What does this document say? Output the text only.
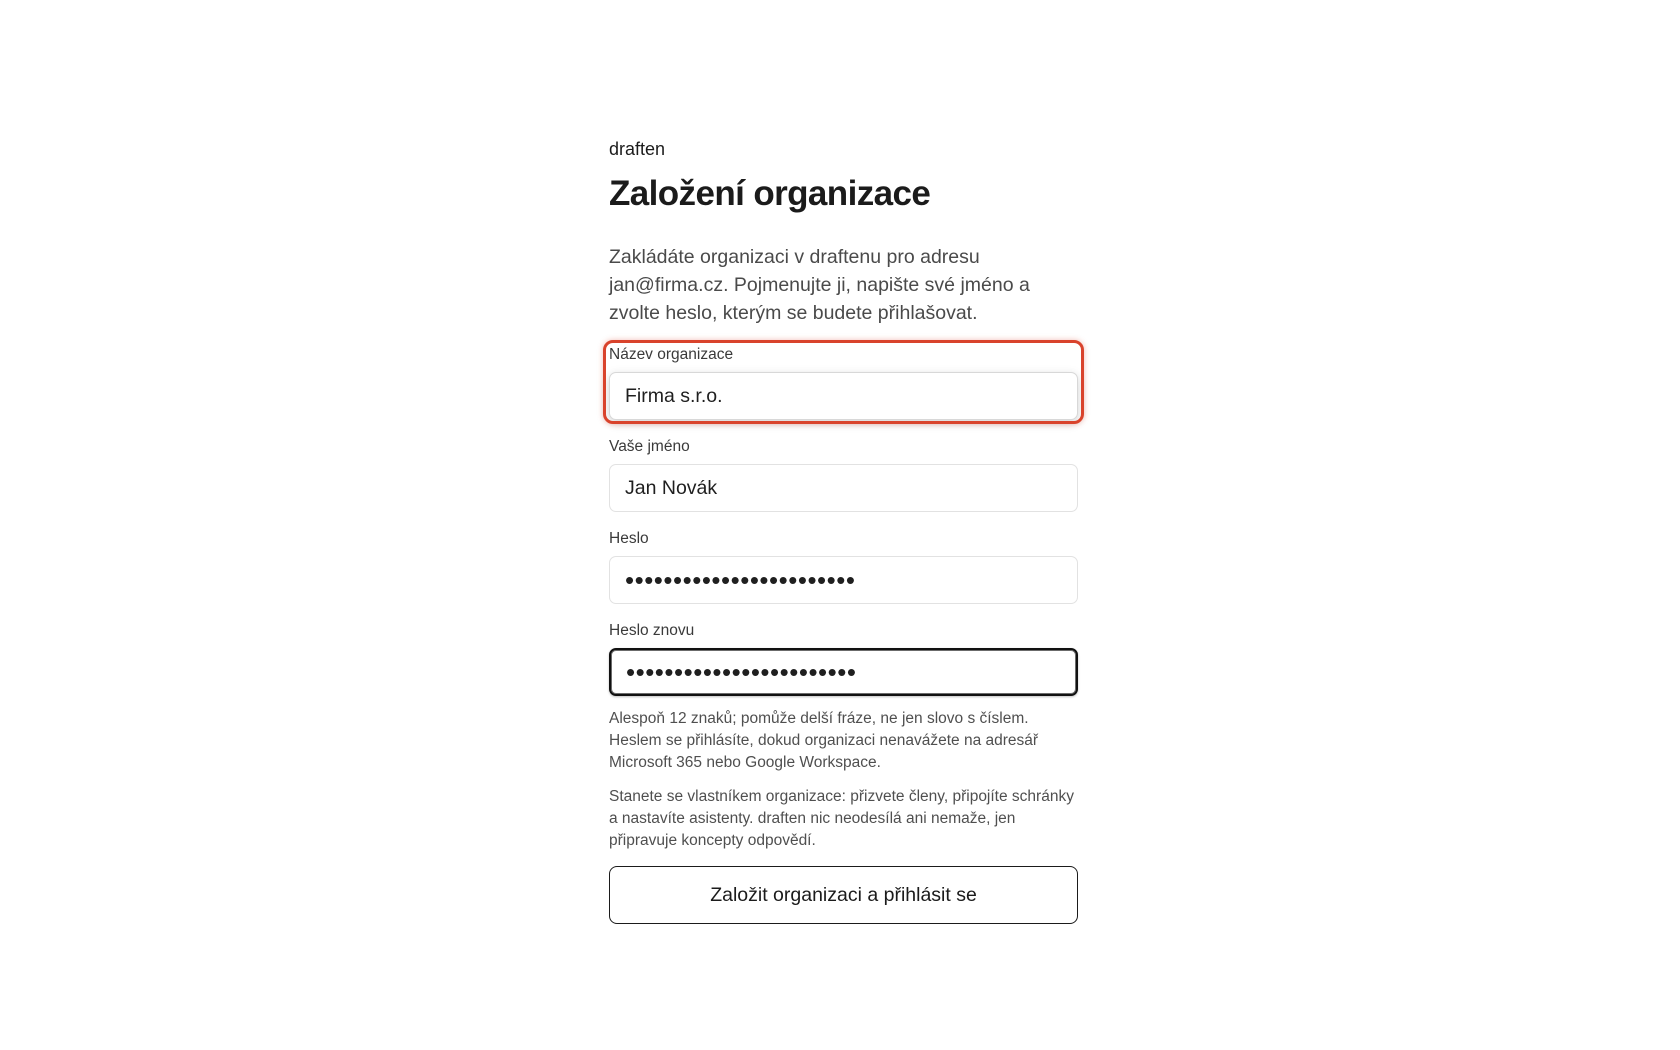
draften

Založení organizace

Zakládáte organizaci v draftenu pro adresu jan@firma.cz. Pojmenujte ji, napište své jméno a zvolte heslo, kterým se budete přihlašovat.

Název organizace
Firma s.r.o.
Vaše jméno
Jan Novák
Heslo
••••••••••••••••••••••••
Heslo znovu
••••••••••••••••••••••••

Alespoň 12 znaků; pomůže delší fráze, ne jen slovo s číslem. Heslem se přihlásíte, dokud organizaci nenavážete na adresář Microsoft 365 nebo Google Workspace.

Stanete se vlastníkem organizace: přizvete členy, připojíte schránky a nastavíte asistenty. draften nic neodesílá ani nemaže, jen připravuje koncepty odpovědí.

Založit organizaci a přihlásit se
